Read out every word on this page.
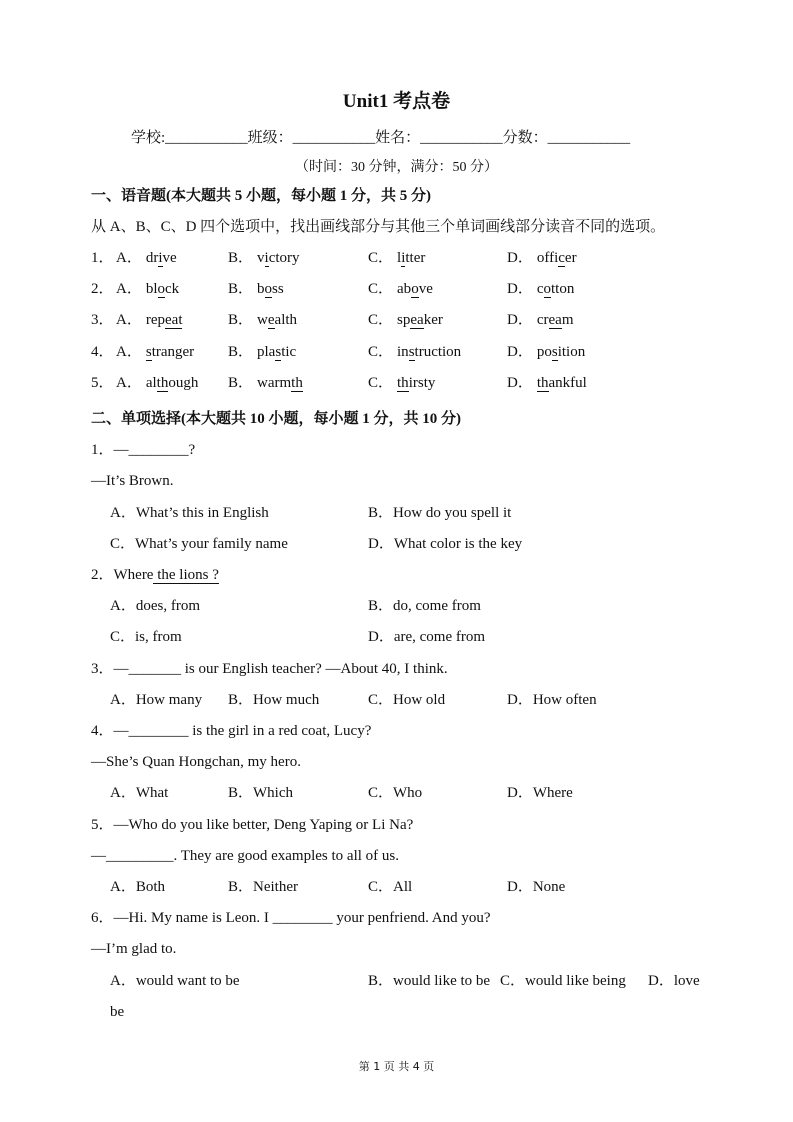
Unit1 考点卷
学校:___________班级：___________姓名：___________分数：___________
（时间：30 分钟，满分：50 分）
一、语音题(本大题共 5 小题，每小题 1 分，共 5 分)
从 A、B、C、D 四个选项中，找出画线部分与其他三个单词画线部分读音不同的选项。
1． A． drive	B． victory	C． litter	D． officer
2． A． block	B． boss	C． above	D． cotton
3． A． repeat	B． wealth	C． speaker	D． cream
4． A． stranger B． plastic	C． instruction	D． position
5． A． although B． warmth	C． thirsty	D． thankful
二、单项选择(本大题共 10 小题，每小题 1 分，共 10 分)
1．—________?
—It’s Brown.
A．What’s this in English	B．How do you spell it
C．What’s your family name	D．What color is the key
2．Where the lions ?
A．does, from	B．do, come from
C．is, from	D．are, come from
3．—_______ is our English teacher? —About 40, I think.
A．How many B．How much	C．How old	D．How often
4．—________ is the girl in a red coat, Lucy?
—She’s Quan Hongchan, my hero.
A．What	B．Which	C．Who	D．Where
5．—Who do you like better, Deng Yaping or Li Na?
—_________. They are good examples to all of us.
A．Both	B．Neither	C．All	D．None
6．—Hi. My name is Leon. I ________ your penfriend. And you?
—I’m glad to.
A．would want to be	B．would like to be C．would like being D．love
be
第 1 页 共 4 页
